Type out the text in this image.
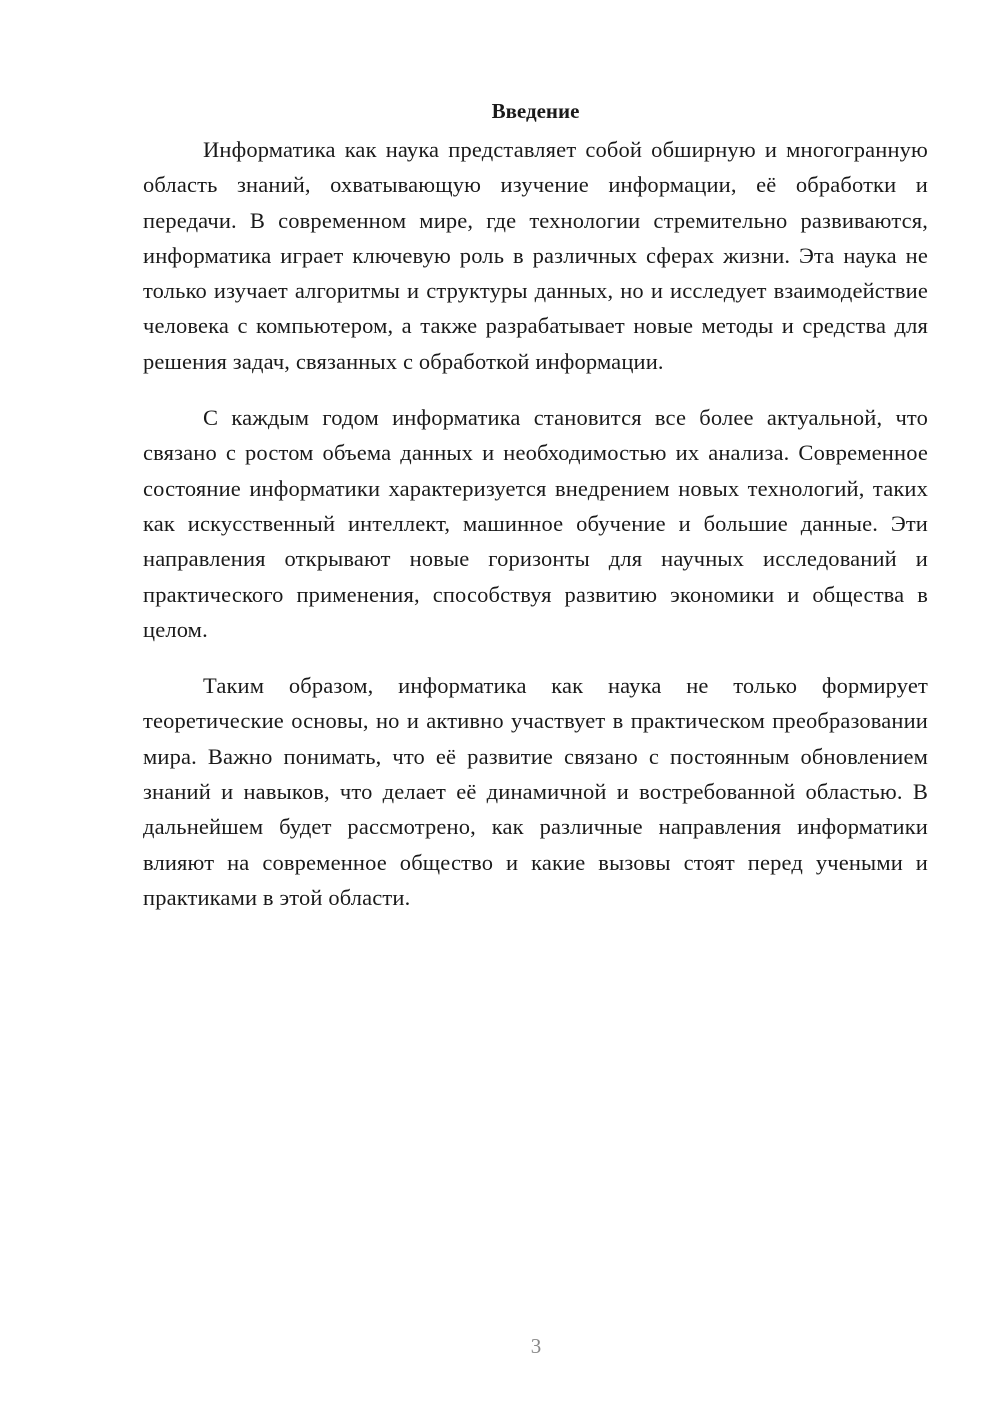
Введение

Информатика как наука представляет собой обширную и многогранную область знаний, охватывающую изучение информации, её обработки и передачи. В современном мире, где технологии стремительно развиваются, информатика играет ключевую роль в различных сферах жизни. Эта наука не только изучает алгоритмы и структуры данных, но и исследует взаимодействие человека с компьютером, а также разрабатывает новые методы и средства для решения задач, связанных с обработкой информации.

С каждым годом информатика становится все более актуальной, что связано с ростом объема данных и необходимостью их анализа. Современное состояние информатики характеризуется внедрением новых технологий, таких как искусственный интеллект, машинное обучение и большие данные. Эти направления открывают новые горизонты для научных исследований и практического применения, способствуя развитию экономики и общества в целом.

Таким образом, информатика как наука не только формирует теоретические основы, но и активно участвует в практическом преобразовании мира. Важно понимать, что её развитие связано с постоянным обновлением знаний и навыков, что делает её динамичной и востребованной областью. В дальнейшем будет рассмотрено, как различные направления информатики влияют на современное общество и какие вызовы стоят перед учеными и практиками в этой области.

3
